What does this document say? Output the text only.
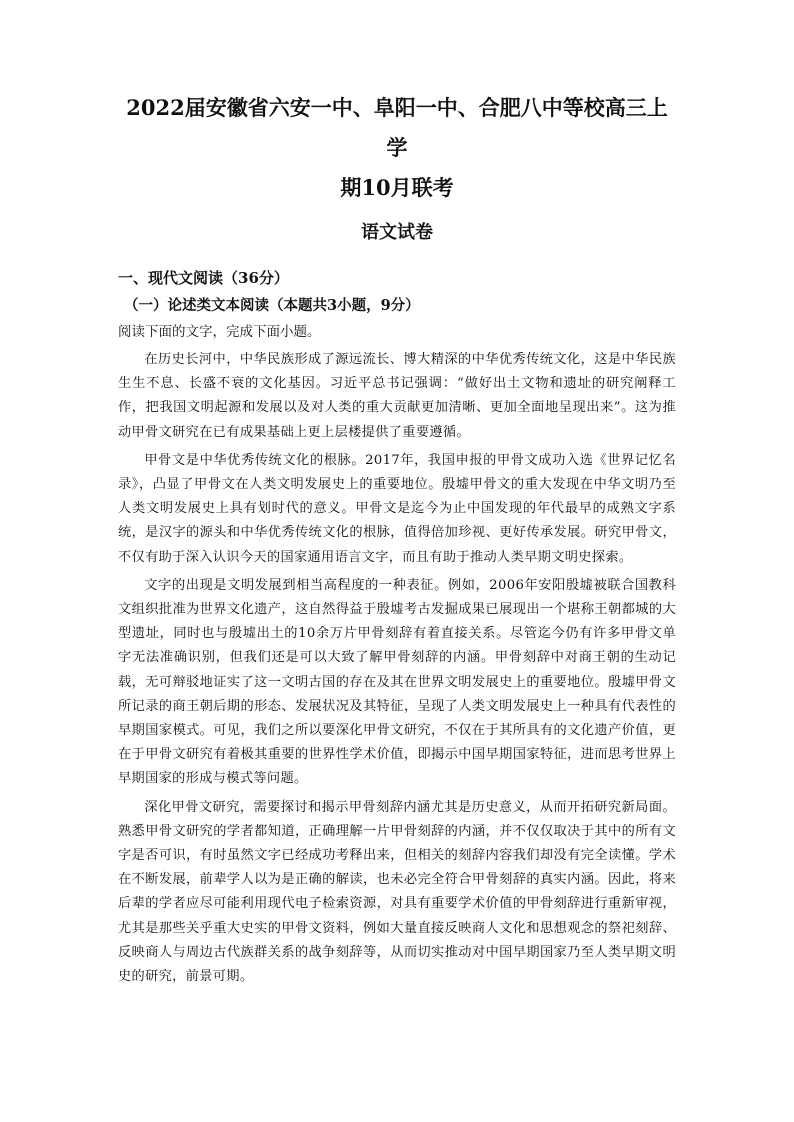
2022届安徽省六安一中、阜阳一中、合肥八中等校高三上学
期10月联考
语文试卷
一、现代文阅读（36分）
（一）论述类文本阅读（本题共3小题，9分）
阅读下面的文字，完成下面小题。

在历史长河中，中华民族形成了源远流长、博大精深的中华优秀传统文化，这是中华民族生生不息、长盛不衰的文化基因。习近平总书记强调：“做好出土文物和遗址的研究阐释工作，把我国文明起源和发展以及对人类的重大贡献更加清晰、更加全面地呈现出来”。这为推动甲骨文研究在已有成果基础上更上层楼提供了重要遵循。

甲骨文是中华优秀传统文化的根脉。2017年，我国申报的甲骨文成功入选《世界记忆名录》，凸显了甲骨文在人类文明发展史上的重要地位。殷墟甲骨文的重大发现在中华文明乃至人类文明发展史上具有划时代的意义。甲骨文是迄今为止中国发现的年代最早的成熟文字系统，是汉字的源头和中华优秀传统文化的根脉，值得倍加珍视、更好传承发展。研究甲骨文，不仅有助于深入认识今天的国家通用语言文字，而且有助于推动人类早期文明史探索。

文字的出现是文明发展到相当高程度的一种表征。例如，2006年安阳殷墟被联合国教科文组织批准为世界文化遗产，这自然得益于殷墟考古发掘成果已展现出一个堪称王朝都城的大型遗址，同时也与殷墟出土的10余万片甲骨刻辞有着直接关系。尽管迄今仍有许多甲骨文单字无法准确识别，但我们还是可以大致了解甲骨刻辞的内涵。甲骨刻辞中对商王朝的生动记载，无可辩驳地证实了这一文明古国的存在及其在世界文明发展史上的重要地位。殷墟甲骨文所记录的商王朝后期的形态、发展状况及其特征，呈现了人类文明发展史上一种具有代表性的早期国家模式。可见，我们之所以要深化甲骨文研究，不仅在于其所具有的文化遗产价值，更在于甲骨文研究有着极其重要的世界性学术价值，即揭示中国早期国家特征，进而思考世界上早期国家的形成与模式等问题。

深化甲骨文研究，需要探讨和揭示甲骨刻辞内涵尤其是历史意义，从而开拓研究新局面。熟悉甲骨文研究的学者都知道，正确理解一片甲骨刻辞的内涵，并不仅仅取决于其中的所有文字是否可识，有时虽然文字已经成功考释出来，但相关的刻辞内容我们却没有完全读懂。学术在不断发展，前辈学人以为是正确的解读，也未必完全符合甲骨刻辞的真实内涵。因此，将来后辈的学者应尽可能利用现代电子检索资源，对具有重要学术价值的甲骨刻辞进行重新审视，尤其是那些关乎重大史实的甲骨文资料，例如大量直接反映商人文化和思想观念的祭祀刻辞、反映商人与周边古代族群关系的战争刻辞等，从而切实推动对中国早期国家乃至人类早期文明史的研究，前景可期。
